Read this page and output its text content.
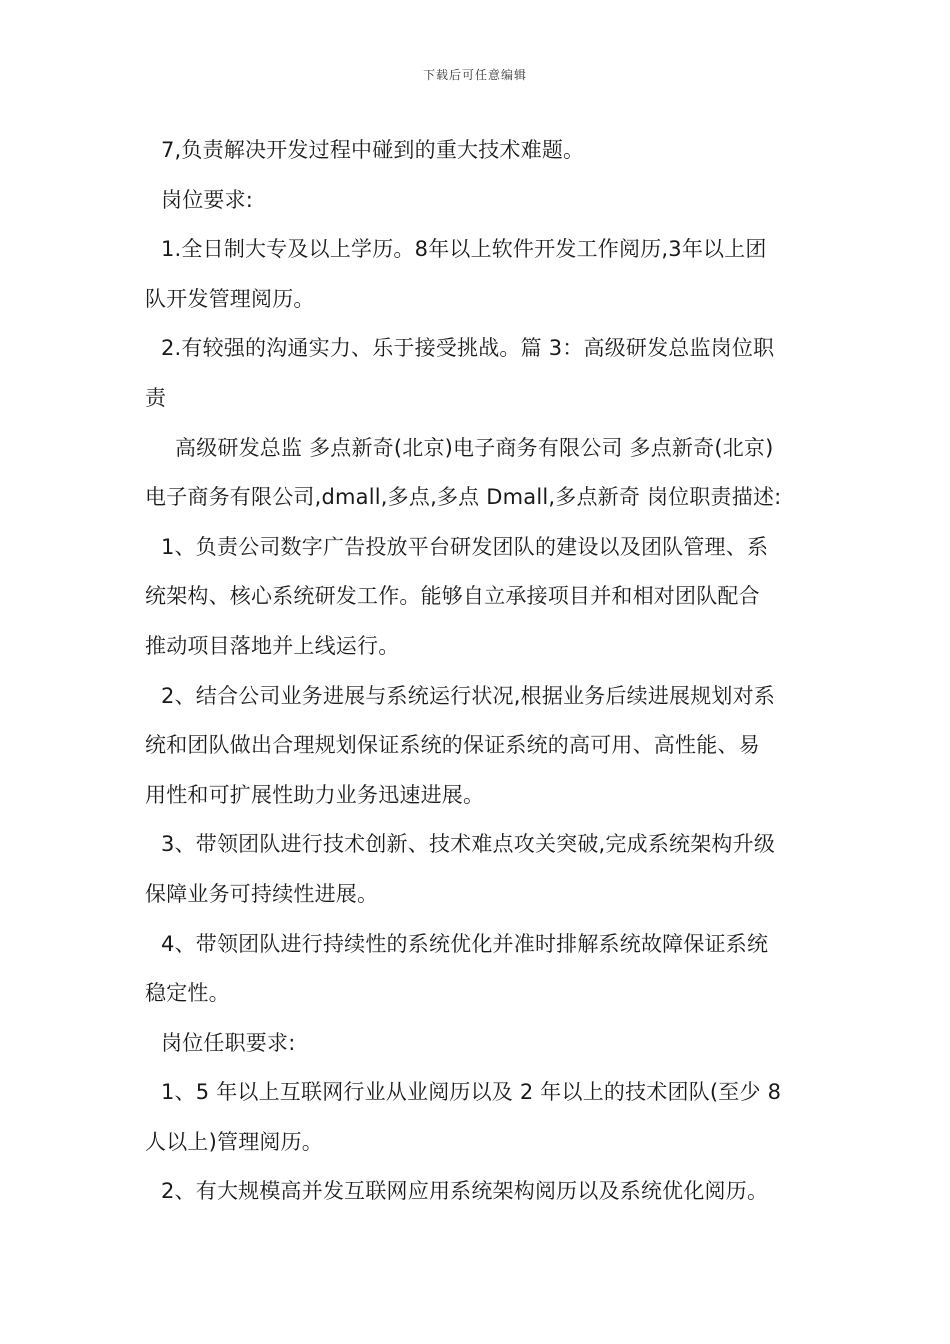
下载后可任意编辑
7,负责解决开发过程中碰到的重大技术难题。
岗位要求:
1.全日制大专及以上学历。8年以上软件开发工作阅历,3年以上团
队开发管理阅历。
2.有较强的沟通实力、乐于接受挑战。篇 3：高级研发总监岗位职
责
高级研发总监 多点新奇(北京)电子商务有限公司 多点新奇(北京)
电子商务有限公司,dmall,多点,多点 Dmall,多点新奇 岗位职责描述:
1、负责公司数字广告投放平台研发团队的建设以及团队管理、系
统架构、核心系统研发工作。能够自立承接项目并和相对团队配合
推动项目落地并上线运行。
2、结合公司业务进展与系统运行状况,根据业务后续进展规划对系
统和团队做出合理规划保证系统的保证系统的高可用、高性能、易
用性和可扩展性助力业务迅速进展。
3、带领团队进行技术创新、技术难点攻关突破,完成系统架构升级
保障业务可持续性进展。
4、带领团队进行持续性的系统优化并准时排解系统故障保证系统
稳定性。
岗位任职要求:
1、5 年以上互联网行业从业阅历以及 2 年以上的技术团队(至少 8
人以上)管理阅历。
2、有大规模高并发互联网应用系统架构阅历以及系统优化阅历。
